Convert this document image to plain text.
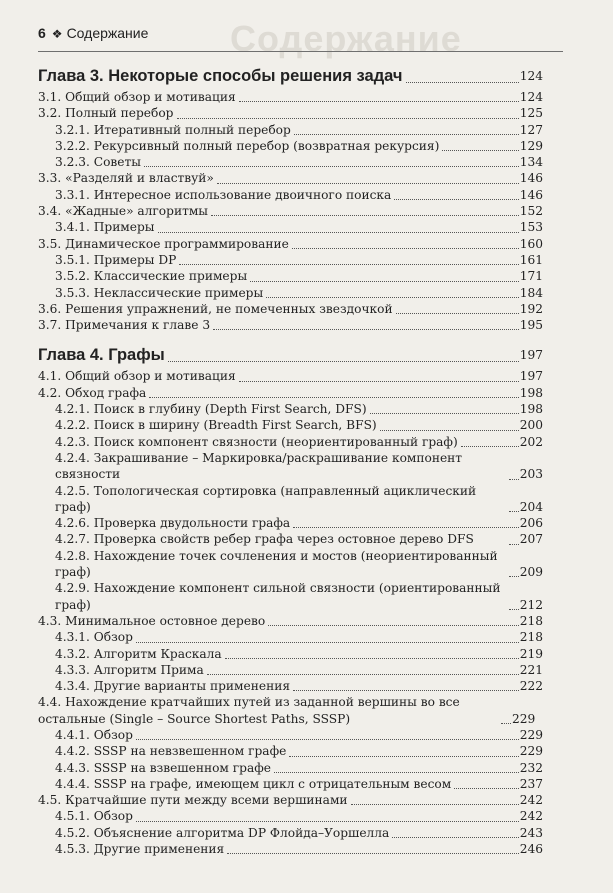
Содержание
6 ❖ Содержание
Глава 3. Некоторые способы решения задач	124
3.1. Общий обзор и мотивация	124
3.2. Полный перебор	125
3.2.1. Итеративный полный перебор	127
3.2.2. Рекурсивный полный перебор (возвратная рекурсия)	129
3.2.3. Советы	134
3.3. «Разделяй и властвуй»	146
3.3.1. Интересное использование двоичного поиска	146
3.4. «Жадные» алгоритмы	152
3.4.1. Примеры	153
3.5. Динамическое программирование	160
3.5.1. Примеры DP	161
3.5.2. Классические примеры	171
3.5.3. Неклассические примеры	184
3.6. Решения упражнений, не помеченных звездочкой	192
3.7. Примечания к главе 3	195
Глава 4. Графы	197
4.1. Общий обзор и мотивация	197
4.2. Обход графа	198
4.2.1. Поиск в глубину (Depth First Search, DFS)	198
4.2.2. Поиск в ширину (Breadth First Search, BFS)	200
4.2.3. Поиск компонент связности (неориентированный граф)	202
4.2.4. Закрашивание – Маркировка/раскрашивание компонент связности	203
4.2.5. Топологическая сортировка (направленный ациклический граф)	204
4.2.6. Проверка двудольности графа	206
4.2.7. Проверка свойств ребер графа через остовное дерево DFS	207
4.2.8. Нахождение точек сочленения и мостов (неориентированный граф)	209
4.2.9. Нахождение компонент сильной связности (ориентированный граф)	212
4.3. Минимальное остовное дерево	218
4.3.1. Обзор	218
4.3.2. Алгоритм Краскала	219
4.3.3. Алгоритм Прима	221
4.3.4. Другие варианты применения	222
4.4. Нахождение кратчайших путей из заданной вершины во все остальные (Single – Source Shortest Paths, SSSP)	229
4.4.1. Обзор	229
4.4.2. SSSP на невзвешенном графе	229
4.4.3. SSSP на взвешенном графе	232
4.4.4. SSSP на графе, имеющем цикл с отрицательным весом	237
4.5. Кратчайшие пути между всеми вершинами	242
4.5.1. Обзор	242
4.5.2. Объяснение алгоритма DP Флойда–Уоршелла	243
4.5.3. Другие применения	246
